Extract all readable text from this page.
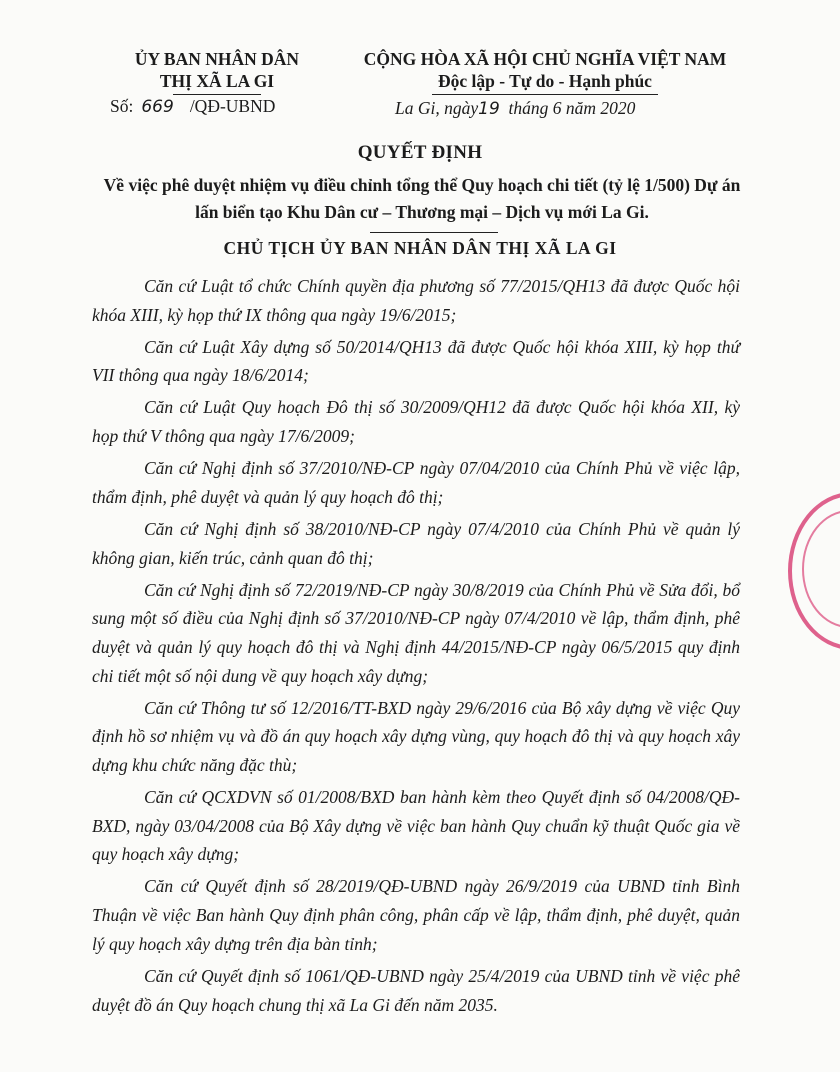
ỦY BAN NHÂN DÂN
THỊ XÃ LA GI
CỘNG HÒA XÃ HỘI CHỦ NGHĨA VIỆT NAM
Độc lập - Tự do - Hạnh phúc
Số: 669 /QĐ-UBND	La Gi, ngày19 tháng 6 năm 2020
QUYẾT ĐỊNH
Về việc phê duyệt nhiệm vụ điều chỉnh tổng thể Quy hoạch chi tiết (tỷ lệ 1/500) Dự án lấn biển tạo Khu Dân cư – Thương mại – Dịch vụ mới La Gi.
CHỦ TỊCH ỦY BAN NHÂN DÂN THỊ XÃ LA GI

Căn cứ Luật tổ chức Chính quyền địa phương số 77/2015/QH13 đã được Quốc hội khóa XIII, kỳ họp thứ IX thông qua ngày 19/6/2015;

Căn cứ Luật Xây dựng số 50/2014/QH13 đã được Quốc hội khóa XIII, kỳ họp thứ VII thông qua ngày 18/6/2014;

Căn cứ Luật Quy hoạch Đô thị số 30/2009/QH12 đã được Quốc hội khóa XII, kỳ họp thứ V thông qua ngày 17/6/2009;

Căn cứ Nghị định số 37/2010/NĐ-CP ngày 07/04/2010 của Chính Phủ về việc lập, thẩm định, phê duyệt và quản lý quy hoạch đô thị;

Căn cứ Nghị định số 38/2010/NĐ-CP ngày 07/4/2010 của Chính Phủ về quản lý không gian, kiến trúc, cảnh quan đô thị;

Căn cứ Nghị định số 72/2019/NĐ-CP ngày 30/8/2019 của Chính Phủ về Sửa đổi, bổ sung một số điều của Nghị định số 37/2010/NĐ-CP ngày 07/4/2010 về lập, thẩm định, phê duyệt và quản lý quy hoạch đô thị và Nghị định 44/2015/NĐ-CP ngày 06/5/2015 quy định chi tiết một số nội dung về quy hoạch xây dựng;

Căn cứ Thông tư số 12/2016/TT-BXD ngày 29/6/2016 của Bộ xây dựng về việc Quy định hồ sơ nhiệm vụ và đồ án quy hoạch xây dựng vùng, quy hoạch đô thị và quy hoạch xây dựng khu chức năng đặc thù;

Căn cứ QCXDVN số 01/2008/BXD ban hành kèm theo Quyết định số 04/2008/QĐ-BXD, ngày 03/04/2008 của Bộ Xây dựng về việc ban hành Quy chuẩn kỹ thuật Quốc gia về quy hoạch xây dựng;

Căn cứ Quyết định số 28/2019/QĐ-UBND ngày 26/9/2019 của UBND tỉnh Bình Thuận về việc Ban hành Quy định phân công, phân cấp về lập, thẩm định, phê duyệt, quản lý quy hoạch xây dựng trên địa bàn tỉnh;

Căn cứ Quyết định số 1061/QĐ-UBND ngày 25/4/2019 của UBND tỉnh về việc phê duyệt đồ án Quy hoạch chung thị xã La Gi đến năm 2035.
